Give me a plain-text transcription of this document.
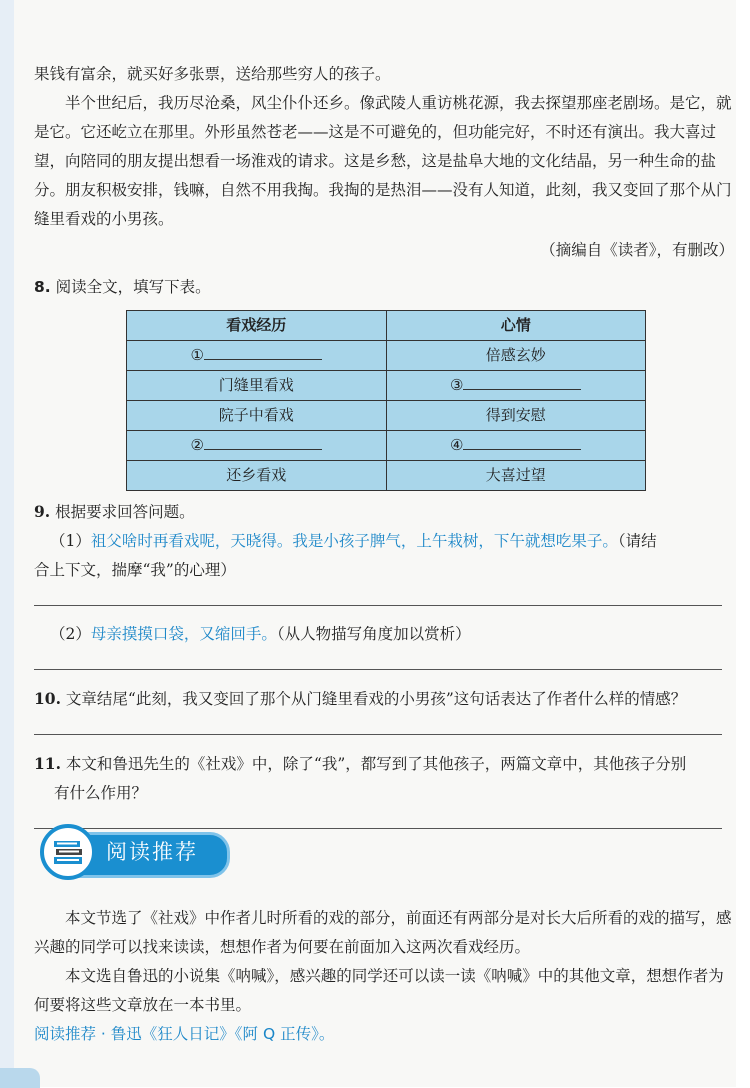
果钱有富余，就买好多张票，送给那些穷人的孩子。

半个世纪后，我历尽沧桑，风尘仆仆还乡。像武陵人重访桃花源，我去探望那座老剧场。是它，就是它。它还屹立在那里。外形虽然苍老——这是不可避免的，但功能完好，不时还有演出。我大喜过望，向陪同的朋友提出想看一场淮戏的请求。这是乡愁，这是盐阜大地的文化结晶，另一种生命的盐分。朋友积极安排，钱嘛，自然不用我掏。我掏的是热泪——没有人知道，此刻，我又变回了那个从门缝里看戏的小男孩。

（摘编自《读者》，有删改）

8. 阅读全文，填写下表。

看戏经历	心情
①	倍感玄妙
门缝里看戏	③
院子中看戏	得到安慰
②	④
还乡看戏	大喜过望

9. 根据要求回答问题。

（1）祖父啥时再看戏呢，天晓得。我是小孩子脾气，上午栽树，下午就想吃果子。（请结

合上下文，揣摩“我”的心理）

（2）母亲摸摸口袋，又缩回手。（从人物描写角度加以赏析）

10. 文章结尾“此刻，我又变回了那个从门缝里看戏的小男孩”这句话表达了作者什么样的情感？

11. 本文和鲁迅先生的《社戏》中，除了“我”，都写到了其他孩子，两篇文章中，其他孩子分别

有什么作用？

阅读推荐

本文节选了《社戏》中作者儿时所看的戏的部分，前面还有两部分是对长大后所看的戏的描写，感兴趣的同学可以找来读读，想想作者为何要在前面加入这两次看戏经历。

本文选自鲁迅的小说集《呐喊》，感兴趣的同学还可以读一读《呐喊》中的其他文章，想想作者为何要将这些文章放在一本书里。

阅读推荐 · 鲁迅《狂人日记》《阿 Q 正传》。
